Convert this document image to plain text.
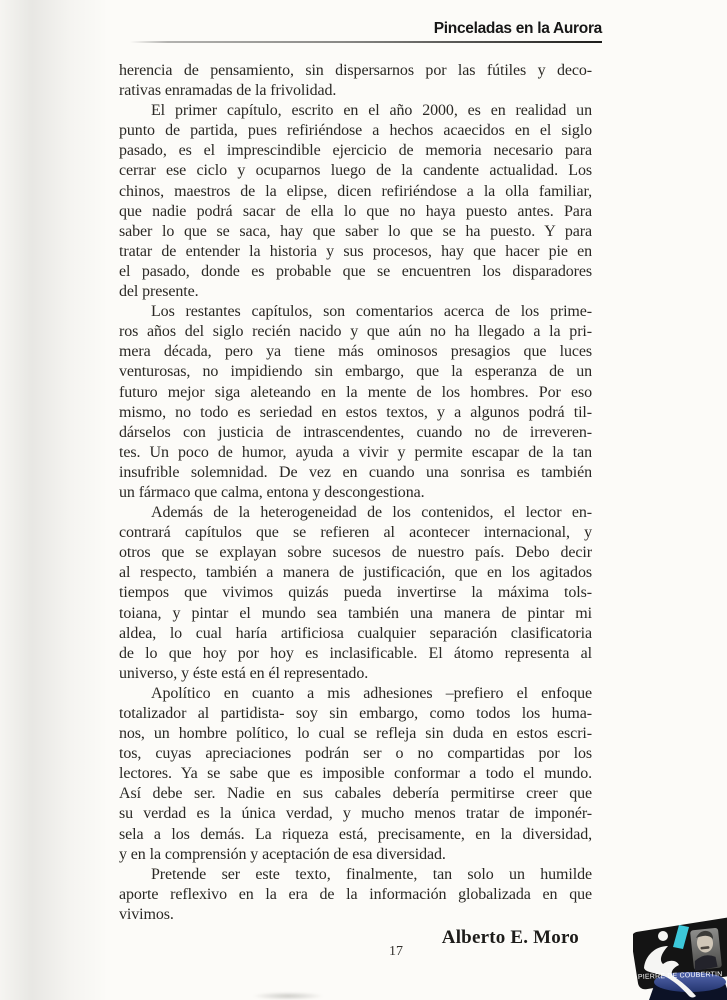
Pinceladas en la Aurora
herencia de pensamiento, sin dispersarnos por las fútiles y deco-
rativas enramadas de la frivolidad.
El primer capítulo, escrito en el año 2000, es en realidad un
punto de partida, pues refiriéndose a hechos acaecidos en el siglo
pasado, es el imprescindible ejercicio de memoria necesario para
cerrar ese ciclo y ocuparnos luego de la candente actualidad. Los
chinos, maestros de la elipse, dicen refiriéndose a la olla familiar,
que nadie podrá sacar de ella lo que no haya puesto antes. Para
saber lo que se saca, hay que saber lo que se ha puesto. Y para
tratar de entender la historia y sus procesos, hay que hacer pie en
el pasado, donde es probable que se encuentren los disparadores
del presente.
Los restantes capítulos, son comentarios acerca de los prime-
ros años del siglo recién nacido y que aún no ha llegado a la pri-
mera década, pero ya tiene más ominosos presagios que luces
venturosas, no impidiendo sin embargo, que la esperanza de un
futuro mejor siga aleteando en la mente de los hombres. Por eso
mismo, no todo es seriedad en estos textos, y a algunos podrá til-
dárselos con justicia de intrascendentes, cuando no de irreveren-
tes. Un poco de humor, ayuda a vivir y permite escapar de la tan
insufrible solemnidad. De vez en cuando una sonrisa es también
un fármaco que calma, entona y descongestiona.
Además de la heterogeneidad de los contenidos, el lector en-
contrará capítulos que se refieren al acontecer internacional, y
otros que se explayan sobre sucesos de nuestro país. Debo decir
al respecto, también a manera de justificación, que en los agitados
tiempos que vivimos quizás pueda invertirse la máxima tols-
toiana, y pintar el mundo sea también una manera de pintar mi
aldea, lo cual haría artificiosa cualquier separación clasificatoria
de lo que hoy por hoy es inclasificable. El átomo representa al
universo, y éste está en él representado.
Apolítico en cuanto a mis adhesiones –prefiero el enfoque
totalizador al partidista- soy sin embargo, como todos los huma-
nos, un hombre político, lo cual se refleja sin duda en estos escri-
tos, cuyas apreciaciones podrán ser o no compartidas por los
lectores. Ya se sabe que es imposible conformar a todo el mundo.
Así debe ser. Nadie en sus cabales debería permitirse creer que
su verdad es la única verdad, y mucho menos tratar de imponér-
sela a los demás. La riqueza está, precisamente, en la diversidad,
y en la comprensión y aceptación de esa diversidad.
Pretende ser este texto, finalmente, tan solo un humilde
aporte reflexivo en la era de la información globalizada en que
vivimos.
Alberto E. Moro
17
PIERRE DE COUBERTIN
